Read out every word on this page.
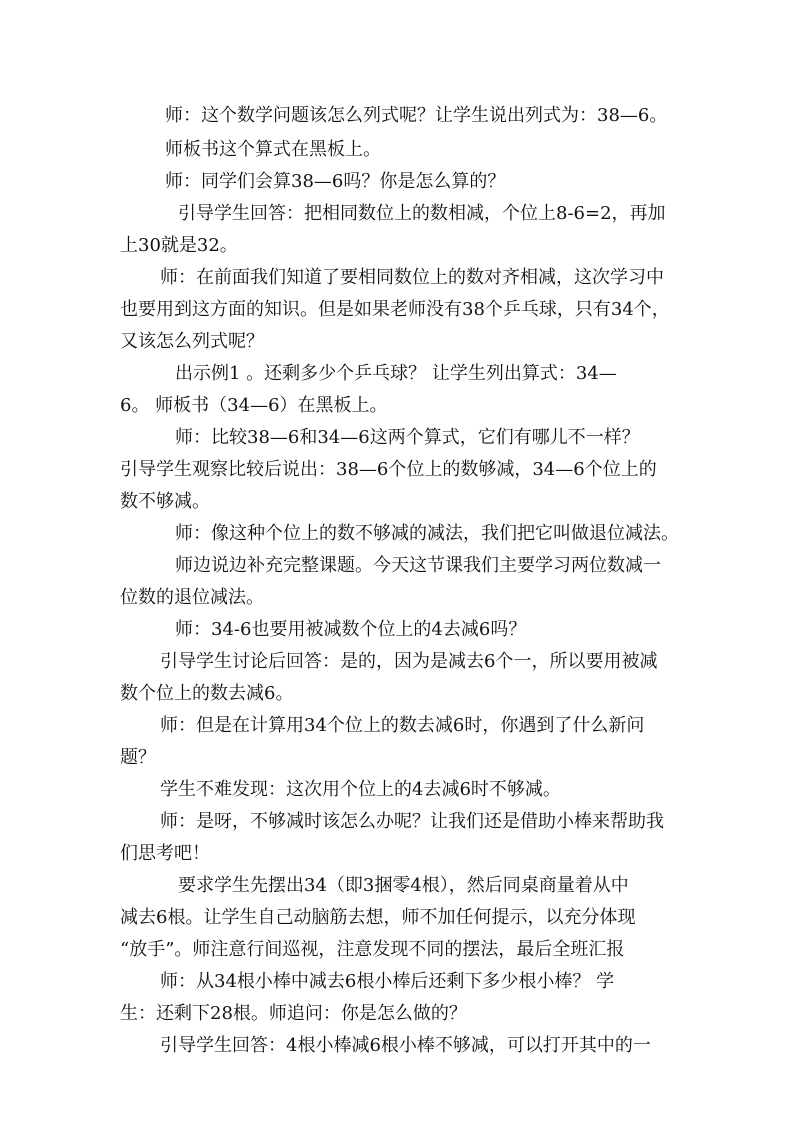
师：这个数学问题该怎么列式呢？让学生说出列式为：38—6。
师板书这个算式在黑板上。
师：同学们会算38—6吗？你是怎么算的？
引导学生回答：把相同数位上的数相减，个位上8-6=2，再加
上30就是32。
师：在前面我们知道了要相同数位上的数对齐相减，这次学习中
也要用到这方面的知识。但是如果老师没有38个乒乓球，只有34个，
又该怎么列式呢？
出示例1 。还剩多少个乒乓球？ 让学生列出算式：34—
6。 师板书（34—6）在黑板上。
师：比较38—6和34—6这两个算式，它们有哪儿不一样？
引导学生观察比较后说出：38—6个位上的数够减，34—6个位上的
数不够减。
师：像这种个位上的数不够减的减法，我们把它叫做退位减法。
师边说边补充完整课题。今天这节课我们主要学习两位数减一
位数的退位减法。
师：34-6也要用被减数个位上的4去减6吗？
引导学生讨论后回答：是的，因为是减去6个一，所以要用被减
数个位上的数去减6。
师：但是在计算用34个位上的数去减6时，你遇到了什么新问
题？
学生不难发现：这次用个位上的4去减6时不够减。
师：是呀，不够减时该怎么办呢？让我们还是借助小棒来帮助我
们思考吧！
要求学生先摆出34（即3捆零4根），然后同桌商量着从中
减去6根。让学生自己动脑筋去想，师不加任何提示，以充分体现
“放手”。师注意行间巡视，注意发现不同的摆法，最后全班汇报
师：从34根小棒中减去6根小棒后还剩下多少根小棒？ 学
生：还剩下28根。师追问：你是怎么做的？
引导学生回答：4根小棒减6根小棒不够减，可以打开其中的一
